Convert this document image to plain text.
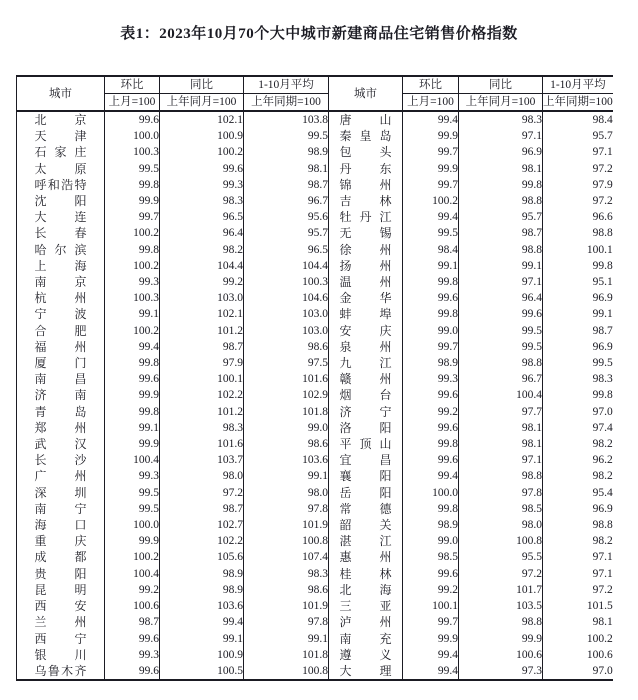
表1：2023年10月70个大中城市新建商品住宅销售价格指数
城市	环比	同比	1-10月平均	城市	环比	同比	1-10月平均
	上月=100	上年同月=100	上年同期=100		上月=100	上年同月=100	上年同期=100

北 京	99.6	102.1	103.8	唐 山	99.4	98.3	98.4

天 津	100.0	100.9	99.5	秦 皇 岛	99.9	97.1	95.7

石 家 庄	100.3	100.2	98.9	包 头	99.7	96.9	97.1

太 原	99.5	99.6	98.1	丹 东	99.9	98.1	97.2

呼 和 浩 特	99.8	99.3	98.7	锦 州	99.7	99.8	97.9

沈 阳	99.9	98.3	96.7	吉 林	100.2	98.8	97.2

大 连	99.7	96.5	95.6	牡 丹 江	99.4	95.7	96.6

长 春	100.2	96.4	95.7	无 锡	99.5	98.7	98.8

哈 尔 滨	99.8	98.2	96.5	徐 州	98.4	98.8	100.1

上 海	100.2	104.4	104.4	扬 州	99.1	99.1	99.8

南 京	99.3	99.2	100.3	温 州	99.8	97.1	95.1

杭 州	100.3	103.0	104.6	金 华	99.6	96.4	96.9

宁 波	99.1	102.1	103.0	蚌 埠	99.8	99.6	99.1

合 肥	100.2	101.2	103.0	安 庆	99.0	99.5	98.7

福 州	99.4	98.7	98.6	泉 州	99.7	99.5	96.9

厦 门	99.8	97.9	97.5	九 江	98.9	98.8	99.5

南 昌	99.6	100.1	101.6	赣 州	99.3	96.7	98.3

济 南	99.9	102.2	102.9	烟 台	99.6	100.4	99.8

青 岛	99.8	101.2	101.8	济 宁	99.2	97.7	97.0

郑 州	99.1	98.3	99.0	洛 阳	99.6	98.1	97.4

武 汉	99.9	101.6	98.6	平 顶 山	99.8	98.1	98.2

长 沙	100.4	103.7	103.6	宜 昌	99.6	97.1	96.2

广 州	99.3	98.0	99.1	襄 阳	99.4	98.8	98.2

深 圳	99.5	97.2	98.0	岳 阳	100.0	97.8	95.4

南 宁	99.5	98.7	97.8	常 德	99.8	98.5	96.9

海 口	100.0	102.7	101.9	韶 关	98.9	98.0	98.8

重 庆	99.9	102.2	100.8	湛 江	99.0	100.8	98.2

成 都	100.2	105.6	107.4	惠 州	98.5	95.5	97.1

贵 阳	100.4	98.9	98.3	桂 林	99.6	97.2	97.1

昆 明	99.2	98.9	98.6	北 海	99.2	101.7	97.2

西 安	100.6	103.6	101.9	三 亚	100.1	103.5	101.5

兰 州	98.7	99.4	97.8	泸 州	99.7	98.8	98.1

西 宁	99.6	99.1	99.1	南 充	99.9	99.9	100.2

银 川	99.3	100.9	101.8	遵 义	99.4	100.6	100.6

乌 鲁 木 齐	99.6	100.5	100.8	大 理	99.4	97.3	97.0
